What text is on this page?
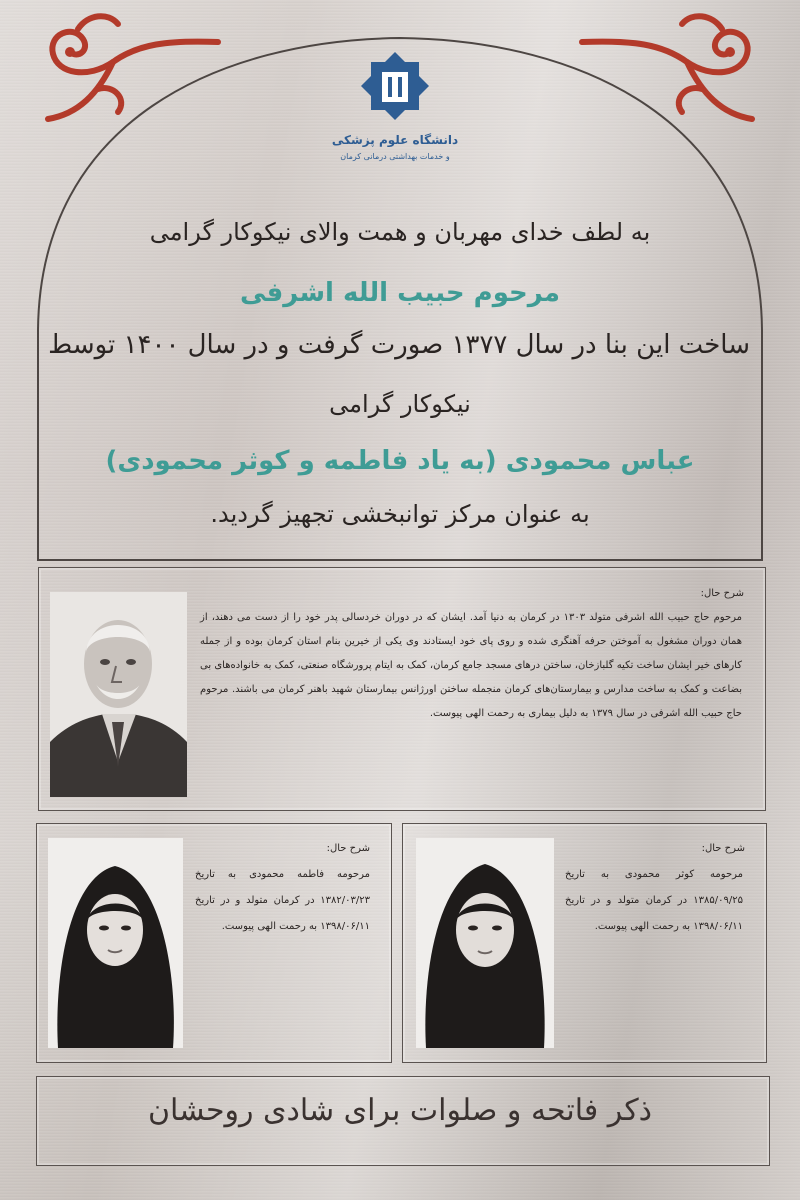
دانشگاه علوم پزشکی
و خدمات بهداشتی درمانی کرمان
به لطف خدای مهربان و همت والای نیکوکار گرامی
مرحوم حبیب الله اشرفی
ساخت این بنا در سال ۱۳۷۷ صورت گرفت و در سال ۱۴۰۰ توسط
نیکوکار گرامی
عباس محمودی (به یاد فاطمه و کوثر محمودی)
به عنوان مرکز توانبخشی تجهیز گردید.
شرح حال:
مرحوم حاج حبیب الله اشرفی متولد ۱۳۰۳ در کرمان به دنیا آمد. ایشان که در دوران خردسالی پدر خود را از دست می دهند، از همان دوران مشغول به آموختن حرفه آهنگری شده و روی پای خود ایستادند وی یکی از خیرین بنام استان کرمان بوده و از جمله کارهای خیر ایشان ساخت تکیه گلبازخان، ساختن درهای مسجد جامع کرمان، کمک به ایتام پرورشگاه صنعتی، کمک به خانواده‌های بی بضاعت و کمک به ساخت مدارس و بیمارستان‌های کرمان منجمله ساختن اورژانس بیمارستان شهید باهنر کرمان می باشند. مرحوم حاج حبیب الله اشرفی در سال ۱۳۷۹ به دلیل بیماری به رحمت الهی پیوست.
شرح حال:
مرحومه فاطمه محمودی به تاریخ ۱۳۸۲/۰۳/۲۳ در کرمان متولد و در تاریخ ۱۳۹۸/۰۶/۱۱ به رحمت الهی پیوست.
شرح حال:
مرحومه کوثر محمودی به تاریخ ۱۳۸۵/۰۹/۲۵ در کرمان متولد و در تاریخ ۱۳۹۸/۰۶/۱۱ به رحمت الهی پیوست.
ذکر فاتحه و صلوات برای شادی روحشان
